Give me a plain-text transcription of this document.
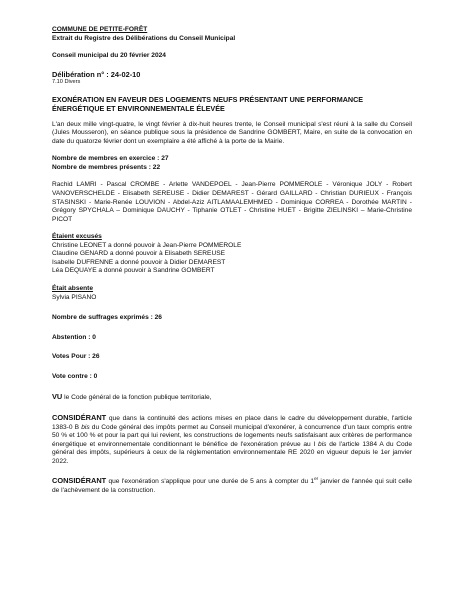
COMMUNE DE PETITE-FORÊT

Extrait du Registre des Délibérations du Conseil Municipal

Conseil municipal du 20 février 2024

Délibération n° : 24-02-10

7.10 Divers

EXONÉRATION EN FAVEUR DES LOGEMENTS NEUFS PRÉSENTANT UNE PERFORMANCE ÉNERGÉTIQUE ET ENVIRONNEMENTALE ÉLEVÉE

L'an deux mille vingt-quatre, le vingt février à dix-huit heures trente, le Conseil municipal s'est réuni à la salle du Conseil (Jules Mousseron), en séance publique sous la présidence de Sandrine GOMBERT, Maire, en suite de la convocation en date du quatorze février dont un exemplaire a été affiché à la porte de la Mairie.

Nombre de membres en exercice : 27

Nombre de membres présents : 22

Rachid LAMRI - Pascal CROMBE - Arlette VANDEPOEL - Jean-Pierre POMMEROLE - Véronique JOLY - Robert VANOVERSCHELDE - Elisabeth SEREUSE - Didier DEMAREST - Gérard GAILLARD - Christian DURIEUX - François STASINSKI - Marie-Renée LOUVION - Abdel-Aziz AITLAMAALEMHMED - Dominique CORREA - Dorothée MARTIN - Grégory SPYCHALA – Dominique DAUCHY - Tiphanie OTLET - Christine HUET - Brigitte ZIELINSKI – Marie-Christine PICOT

Étaient excusés

Christine LEONET a donné pouvoir à Jean-Pierre POMMEROLE

Claudine GENARD a donné pouvoir à Elisabeth SEREUSE

Isabelle DUFRENNE a donné pouvoir à Didier DEMAREST

Léa DEQUAYE a donné pouvoir à Sandrine GOMBERT

Était absente

Sylvia PISANO

Nombre de suffrages exprimés : 26

Abstention : 0

Votes Pour : 26

Vote contre : 0

VU le Code général de la fonction publique territoriale,

CONSIDÉRANT que dans la continuité des actions mises en place dans le cadre du développement durable, l'article 1383-0 B bis du Code général des impôts permet au Conseil municipal d'exonérer, à concurrence d'un taux compris entre 50 % et 100 % et pour la part qui lui revient, les constructions de logements neufs satisfaisant aux critères de performance énergétique et environnementale conditionnant le bénéfice de l'exonération prévue au I bis de l'article 1384 A du Code général des impôts, supérieurs à ceux de la réglementation environnementale RE 2020 en vigueur depuis le 1er janvier 2022.

CONSIDÉRANT que l'exonération s'applique pour une durée de 5 ans à compter du 1er janvier de l'année qui suit celle de l'achèvement de la construction.
